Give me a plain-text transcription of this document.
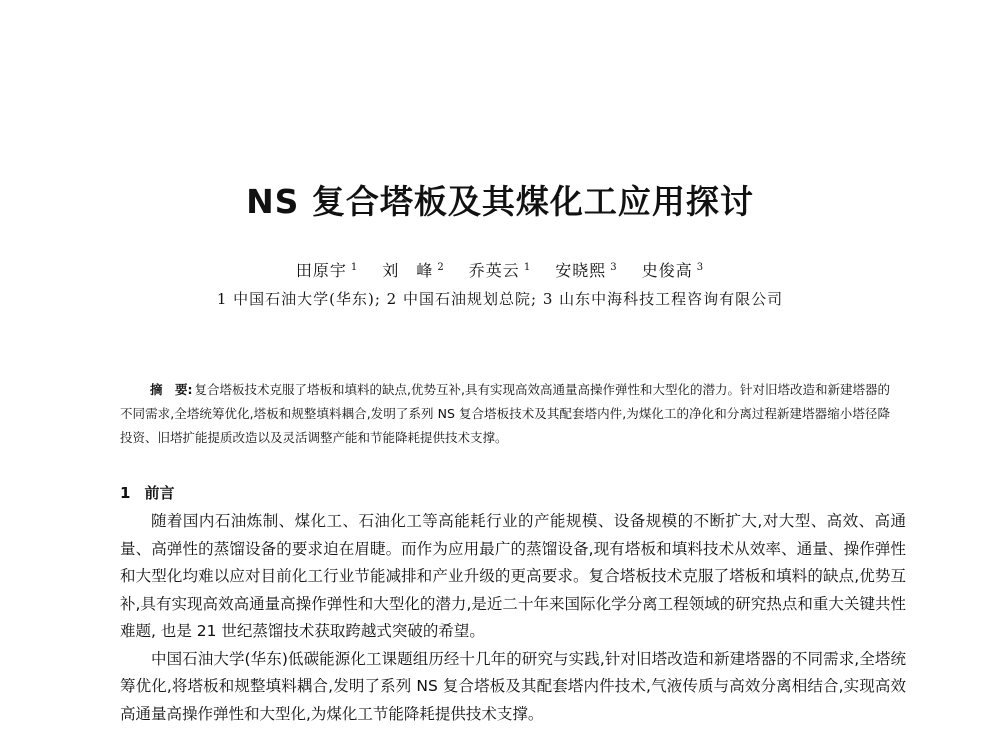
NS 复合塔板及其煤化工应用探讨
田原宇 $^1$ 刘　峰 $^2$ 乔英云 $^1$ 安晓熙 $^3$ 史俊高 $^3$
1 中国石油大学(华东); 2 中国石油规划总院; 3 山东中海科技工程咨询有限公司
摘　要: 复合塔板技术克服了塔板和填料的缺点,优势互补,具有实现高效高通量高操作弹性和大型化的潜力。针对旧塔改造和新建塔器的不同需求,全塔统筹优化,塔板和规整填料耦合,发明了系列 NS 复合塔板技术及其配套塔内件,为煤化工的净化和分离过程新建塔器缩小塔径降投资、旧塔扩能提质改造以及灵活调整产能和节能降耗提供技术支撑。
1 前言

随着国内石油炼制、煤化工、石油化工等高能耗行业的产能规模、设备规模的不断扩大,对大型、高效、高通量、高弹性的蒸馏设备的要求迫在眉睫。而作为应用最广的蒸馏设备,现有塔板和填料技术从效率、通量、操作弹性和大型化均难以应对目前化工行业节能减排和产业升级的更高要求。复合塔板技术克服了塔板和填料的缺点,优势互补,具有实现高效高通量高操作弹性和大型化的潜力,是近二十年来国际化学分离工程领域的研究热点和重大关键共性难题, 也是 21 世纪蒸馏技术获取跨越式突破的希望。

中国石油大学(华东)低碳能源化工课题组历经十几年的研究与实践,针对旧塔改造和新建塔器的不同需求,全塔统筹优化,将塔板和规整填料耦合,发明了系列 NS 复合塔板及其配套塔内件技术,气液传质与高效分离相结合,实现高效高通量高操作弹性和大型化,为煤化工节能降耗提供技术支撑。
